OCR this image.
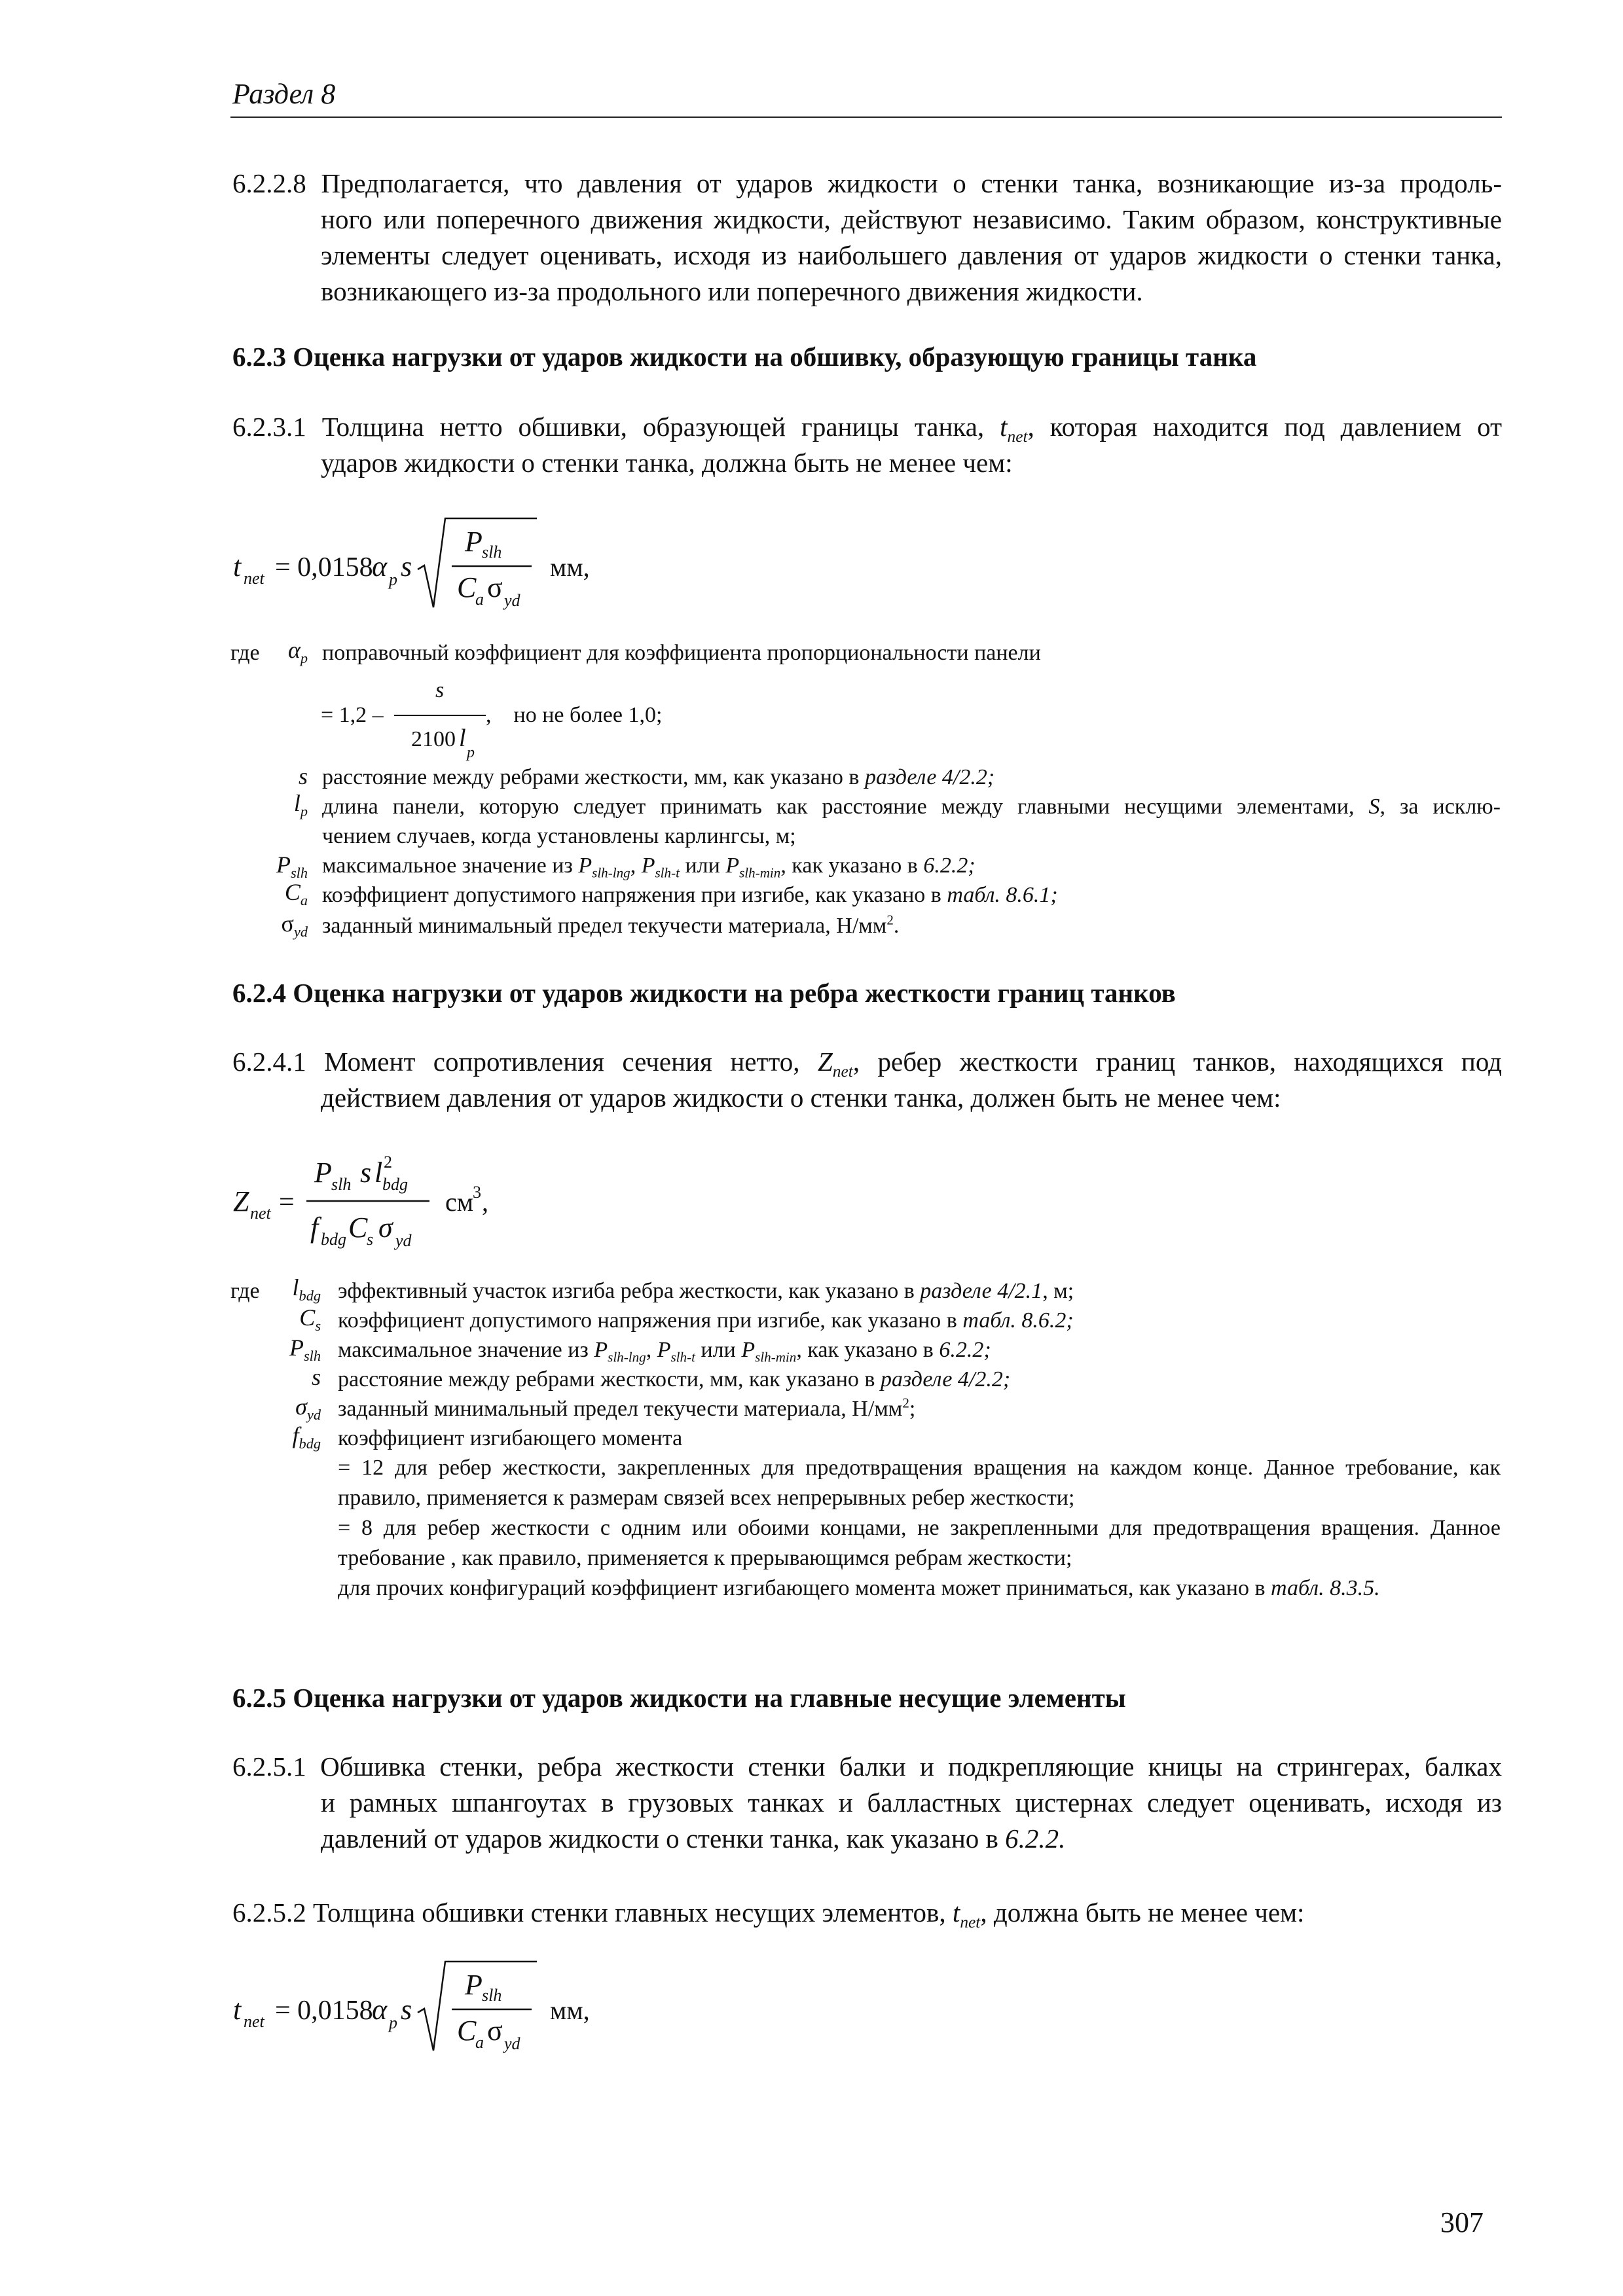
Раздел 8
6.2.2.8 Предполагается, что давления от ударов жидкости о стенки танка, возникающие из-за продоль-
ного или поперечного движения жидкости, действуют независимо. Таким образом, конструктивные элементы следует оценивать, исходя из наибольшего давления от ударов жидкости о стенки танка, возникающего из-за продольного или поперечного движения жидкости.
6.2.3 Оценка нагрузки от ударов жидкости на обшивку, образующую границы танка
6.2.3.1 Толщина нетто обшивки, образующей границы танка, $t_{net}$, которая находится под давлением от
ударов жидкости о стенки танка, должна быть не менее чем:
t net = 0,0158
α p s
P slh
C
a σ yd
мм,
где	$\alpha_p$ поправочный коэффициент для коэффициента пропорциональности панели
= 1,2 –
s
2100 l
p
,    но не более 1,0;
s расстояние между ребрами жесткости, мм, как указано в разделе 4/2.2;
$l_p$ длина панели, которую следует принимать как расстояние между главными несущими элементами, S, за исклю-
чением случаев, когда установлены карлингсы, м;
$P_{slh}$ максимальное значение из $P_{slh-lng}$, $P_{slh-t}$ или $P_{slh-min}$, как указано в 6.2.2;
$C_a$ коэффициент допустимого напряжения при изгибе, как указано в табл. 8.6.1;
$\sigma_{yd}$ заданный минимальный предел текучести материала, $Н/мм^2$.
6.2.4 Оценка нагрузки от ударов жидкости на ребра жесткости границ танков
6.2.4.1 Момент сопротивления сечения нетто, $Z_{net}$, ребер жесткости границ танков, находящихся под
действием давления от ударов жидкости о стенки танка, должен быть не менее чем:
Z net =
P slh s l 2
bdg
f bdg C
s σ yd
см
3 ,
где	$l_{bdg}$ эффективный участок изгиба ребра жесткости, как указано в разделе 4/2.1, м;
$C_s$ коэффициент допустимого напряжения при изгибе, как указано в табл. 8.6.2;
$P_{slh}$ максимальное значение из $P_{slh-lng}$, $P_{slh-t}$ или $P_{slh-min}$, как указано в 6.2.2;
s расстояние между ребрами жесткости, мм, как указано в разделе 4/2.2;
$\sigma_{yd}$ заданный минимальный предел текучести материала, $Н/мм^2$;
$f_{bdg}$ коэффициент изгибающего момента
= 12 для ребер жесткости, закрепленных для предотвращения вращения на каждом конце. Данное требование, как правило, применяется к размерам связей всех непрерывных ребер жесткости;
= 8 для ребер жесткости с одним или обоими концами, не закрепленными для предотвращения вращения. Данное требование , как правило, применяется к прерывающимся ребрам жесткости;
для прочих конфигураций коэффициент изгибающего момента может приниматься, как указано в табл. 8.3.5.
6.2.5 Оценка нагрузки от ударов жидкости на главные несущие элементы
6.2.5.1 Обшивка стенки, ребра жесткости стенки балки и подкрепляющие кницы на стрингерах, балках
и рамных шпангоутах в грузовых танках и балластных цистернах следует оценивать, исходя из давлений от ударов жидкости о стенки танка, как указано в 6.2.2.
6.2.5.2 Толщина обшивки стенки главных несущих элементов, $t_{net}$, должна быть не менее чем:
t net = 0,0158
α p s
P slh
C
a σ yd
мм,
307
